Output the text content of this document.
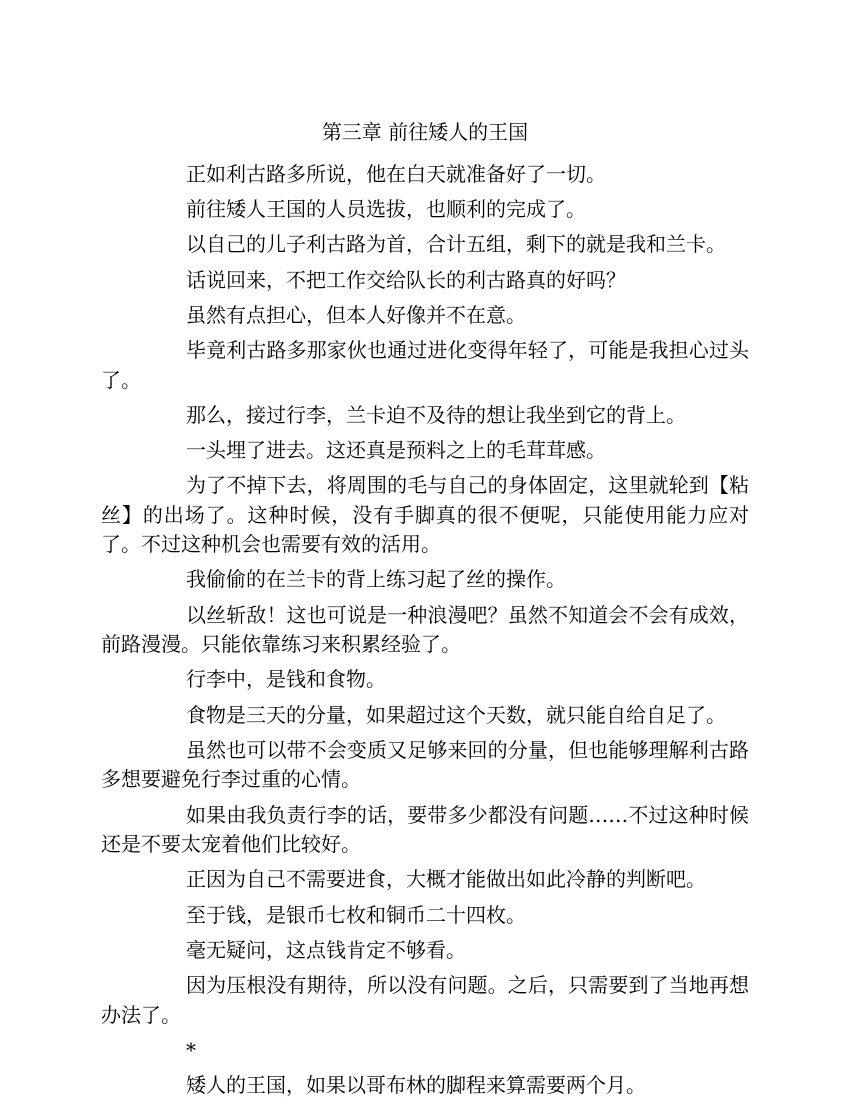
第三章 前往矮人的王国

正如利古路多所说，他在白天就准备好了一切。

前往矮人王国的人员选拔，也顺利的完成了。

以自己的儿子利古路为首，合计五组，剩下的就是我和兰卡。

话说回来，不把工作交给队长的利古路真的好吗？

虽然有点担心，但本人好像并不在意。

毕竟利古路多那家伙也通过进化变得年轻了，可能是我担心过头了。

那么，接过行李，兰卡迫不及待的想让我坐到它的背上。

一头埋了进去。这还真是预料之上的毛茸茸感。

为了不掉下去，将周围的毛与自己的身体固定，这里就轮到【粘丝】的出场了。这种时候，没有手脚真的很不便呢，只能使用能力应对了。不过这种机会也需要有效的活用。

我偷偷的在兰卡的背上练习起了丝的操作。

以丝斩敌！这也可说是一种浪漫吧？虽然不知道会不会有成效，前路漫漫。只能依靠练习来积累经验了。

行李中，是钱和食物。

食物是三天的分量，如果超过这个天数，就只能自给自足了。

虽然也可以带不会变质又足够来回的分量，但也能够理解利古路多想要避免行李过重的心情。

如果由我负责行李的话，要带多少都没有问题……不过这种时候还是不要太宠着他们比较好。

正因为自己不需要进食，大概才能做出如此冷静的判断吧。

至于钱，是银币七枚和铜币二十四枚。

毫无疑问，这点钱肯定不够看。

因为压根没有期待，所以没有问题。之后，只需要到了当地再想办法了。

*

矮人的王国，如果以哥布林的脚程来算需要两个月。
